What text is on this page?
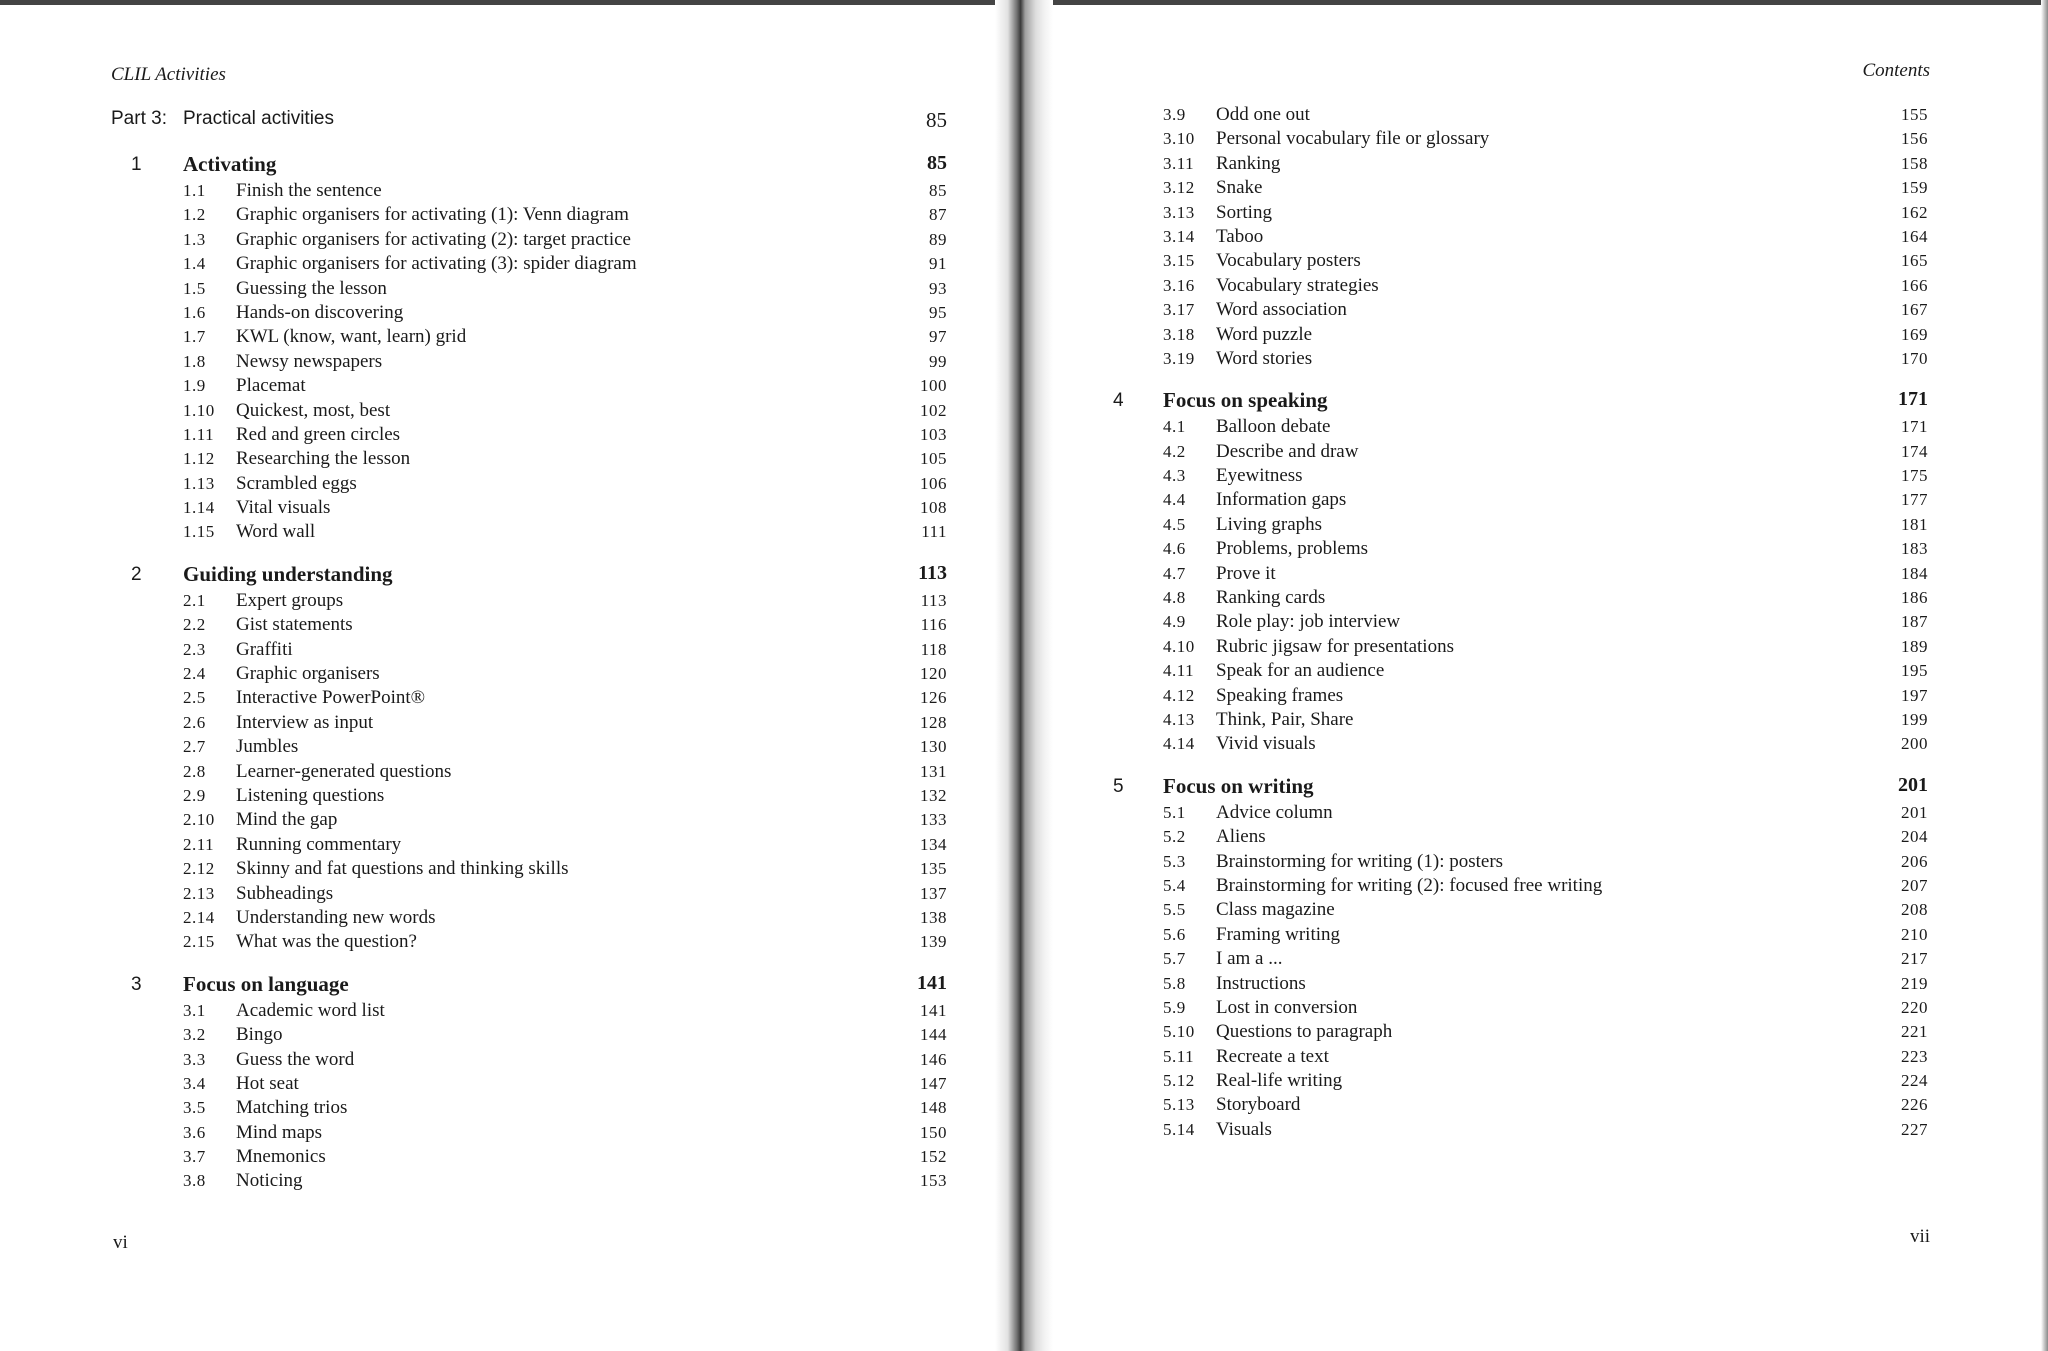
CLIL Activities
Part 3: Practical activities	85
1 Activating	85
1.1 Finish the sentence	85
1.2 Graphic organisers for activating (1): Venn diagram	87
1.3 Graphic organisers for activating (2): target practice	89
1.4 Graphic organisers for activating (3): spider diagram	91
1.5 Guessing the lesson	93
1.6 Hands-on discovering	95
1.7 KWL (know, want, learn) grid	97
1.8 Newsy newspapers	99
1.9 Placemat	100
1.10 Quickest, most, best	102
1.11 Red and green circles	103
1.12 Researching the lesson	105
1.13 Scrambled eggs	106
1.14 Vital visuals	108
1.15 Word wall	111
2 Guiding understanding	113
2.1 Expert groups	113
2.2 Gist statements	116
2.3 Graffiti	118
2.4 Graphic organisers	120
2.5 Interactive PowerPoint®	126
2.6 Interview as input	128
2.7 Jumbles	130
2.8 Learner-generated questions	131
2.9 Listening questions	132
2.10 Mind the gap	133
2.11 Running commentary	134
2.12 Skinny and fat questions and thinking skills	135
2.13 Subheadings	137
2.14 Understanding new words	138
2.15 What was the question?	139
3 Focus on language	141
3.1 Academic word list	141
3.2 Bingo	144
3.3 Guess the word	146
3.4 Hot seat	147
3.5 Matching trios	148
3.6 Mind maps	150
3.7 Mnemonics	152
3.8 Noticing	153
vi
Contents
3.9 Odd one out	155
3.10 Personal vocabulary file or glossary	156
3.11 Ranking	158
3.12 Snake	159
3.13 Sorting	162
3.14 Taboo	164
3.15 Vocabulary posters	165
3.16 Vocabulary strategies	166
3.17 Word association	167
3.18 Word puzzle	169
3.19 Word stories	170
4 Focus on speaking	171
4.1 Balloon debate	171
4.2 Describe and draw	174
4.3 Eyewitness	175
4.4 Information gaps	177
4.5 Living graphs	181
4.6 Problems, problems	183
4.7 Prove it	184
4.8 Ranking cards	186
4.9 Role play: job interview	187
4.10 Rubric jigsaw for presentations	189
4.11 Speak for an audience	195
4.12 Speaking frames	197
4.13 Think, Pair, Share	199
4.14 Vivid visuals	200
5 Focus on writing	201
5.1 Advice column	201
5.2 Aliens	204
5.3 Brainstorming for writing (1): posters	206
5.4 Brainstorming for writing (2): focused free writing	207
5.5 Class magazine	208
5.6 Framing writing	210
5.7 I am a ...	217
5.8 Instructions	219
5.9 Lost in conversion	220
5.10 Questions to paragraph	221
5.11 Recreate a text	223
5.12 Real-life writing	224
5.13 Storyboard	226
5.14 Visuals	227
vii
